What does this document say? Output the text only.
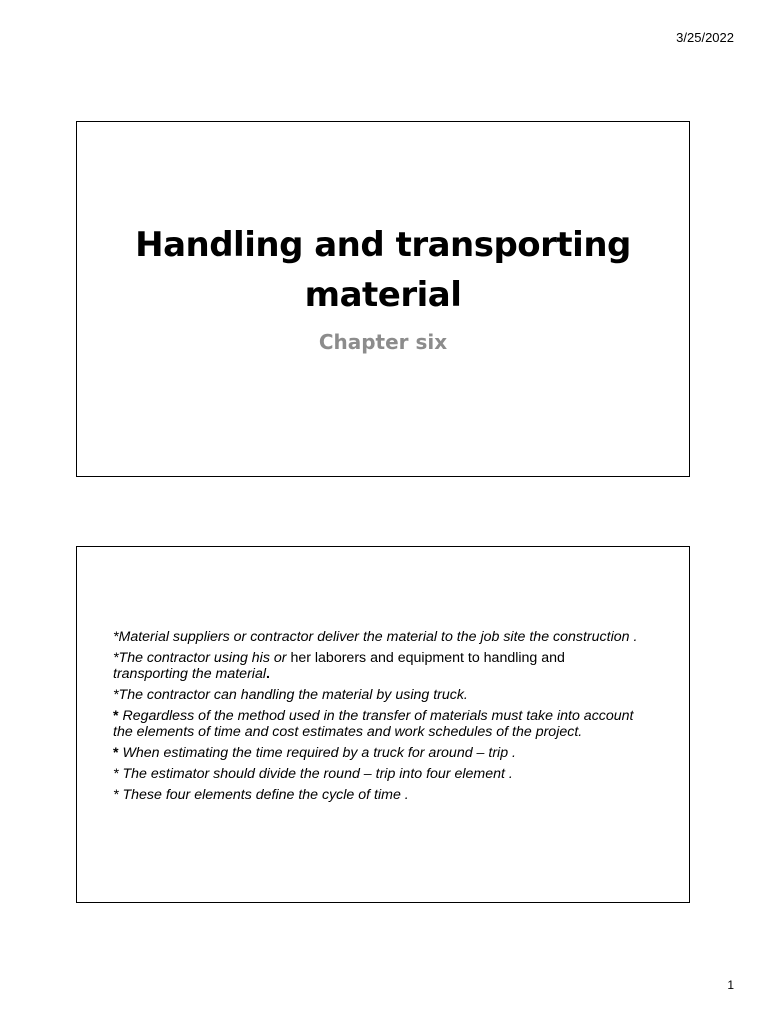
3/25/2022
Handling and transporting
material
Chapter six
*Material suppliers or contractor deliver the material to the job site the construction .
*The contractor using his or her laborers and equipment to handling and transporting the material.
*The contractor can handling the material by using truck.
* Regardless of the method used in the transfer of materials must take into account the elements of time and cost estimates and work schedules of the project.
* When estimating the time required by a truck for around – trip .
* The estimator should divide the round – trip into four element .
* These four elements define the cycle of time .
1
